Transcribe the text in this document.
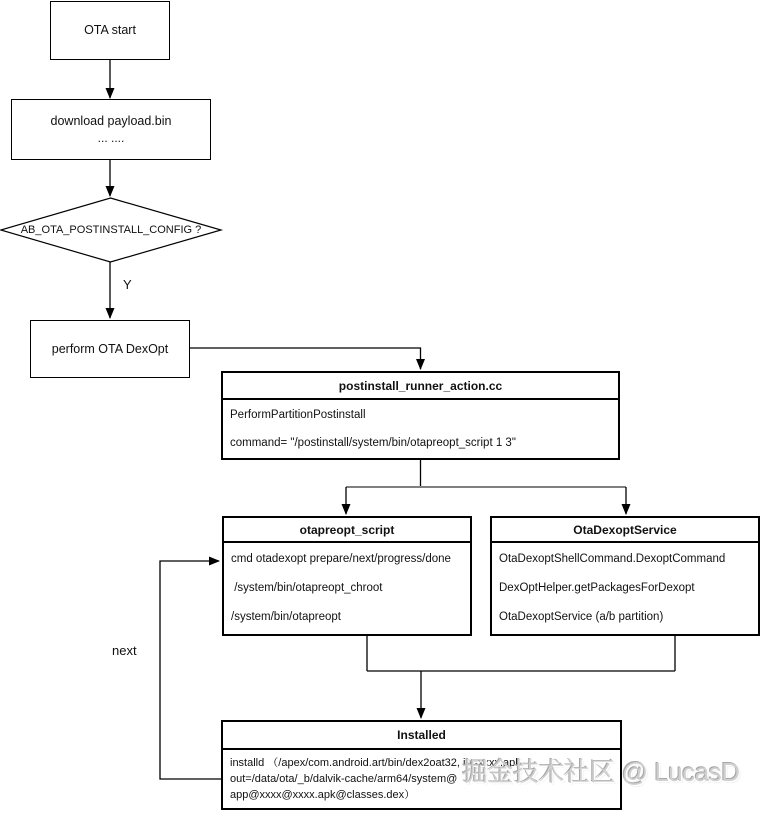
OTA start
download payload.bin
... ....
AB_OTA_POSTINSTALL_CONFIG ?
Y
perform OTA DexOpt
postinstall_runner_action.cc
PerformPartitionPostinstall
command= "/postinstall/system/bin/otapreopt_script 1 3"
otapreopt_script
cmd otadexopt prepare/next/progress/done
/system/bin/otapreopt_chroot
/system/bin/otapreopt
OtaDexoptService
OtaDexoptShellCommand.DexoptCommand
DexOptHelper.getPackagesForDexopt
OtaDexoptService (a/b partition)
Installed
installd （/apex/com.android.art/bin/dex2oat32, in=xxxx.apk
out=/data/ota/_b/dalvik-cache/arm64/system@
app@xxxx@xxxx.apk@classes.dex）
next
掘金技术社区 @ LucasD
